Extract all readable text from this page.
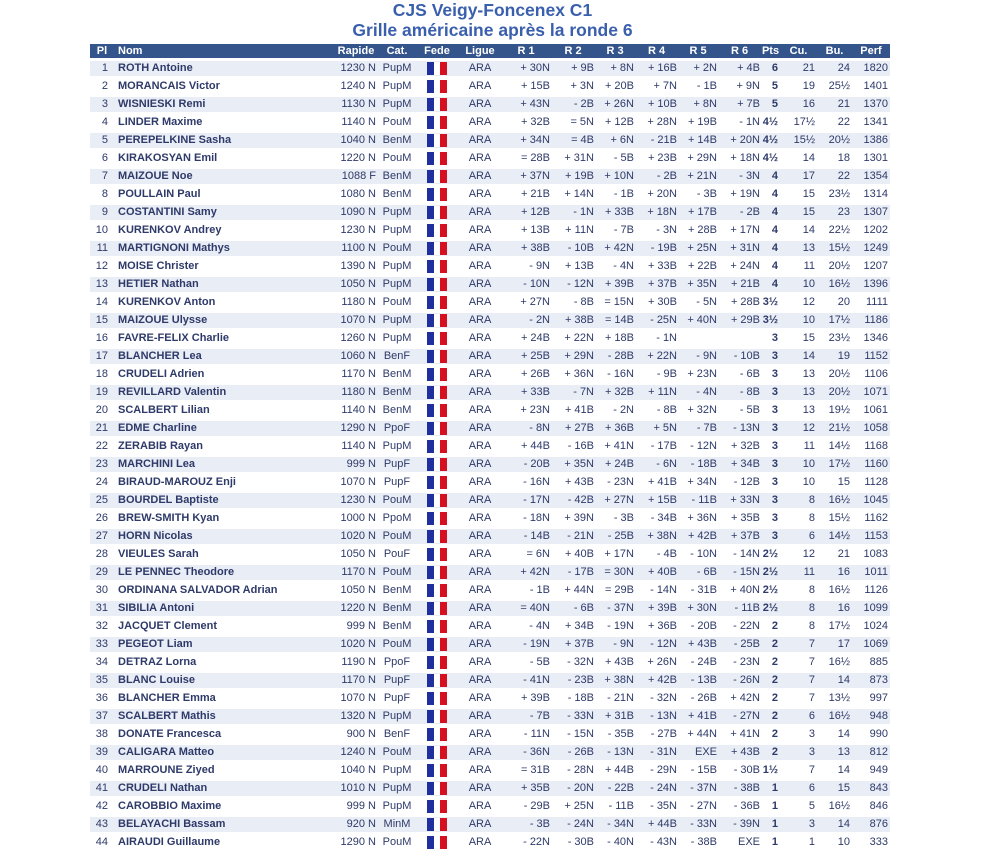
CJS Veigy-Foncenex C1
Grille américaine après la ronde 6
Pl	Nom	Rapide	Cat.	Fede	Ligue	R 1	R 2	R 3	R 4	R 5	R 6	Pts	Cu.	Bu.	Perf
1	ROTH Antoine	1230 N	PupM		ARA	+ 30N	+ 9B	+ 8N	+ 16B	+ 2N	+ 4B	6	21	24	1820
2	MORANCAIS Victor	1240 N	PupM		ARA	+ 15B	+ 3N	+ 20B	+ 7N	- 1B	+ 9N	5	19	25½	1401
3	WISNIESKI Remi	1130 N	PupM		ARA	+ 43N	- 2B	+ 26N	+ 10B	+ 8N	+ 7B	5	16	21	1370
4	LINDER Maxime	1140 N	PouM		ARA	+ 32B	= 5N	+ 12B	+ 28N	+ 19B	- 1N	4½	17½	22	1341
5	PEREPELKINE Sasha	1040 N	BenM		ARA	+ 34N	= 4B	+ 6N	- 21B	+ 14B	+ 20N	4½	15½	20½	1386
6	KIRAKOSYAN Emil	1220 N	PouM		ARA	= 28B	+ 31N	- 5B	+ 23B	+ 29N	+ 18N	4½	14	18	1301
7	MAIZOUE Noe	1088 F	BenM		ARA	+ 37N	+ 19B	+ 10N	- 2B	+ 21N	- 3N	4	17	22	1354
8	POULLAIN Paul	1080 N	BenM		ARA	+ 21B	+ 14N	- 1B	+ 20N	- 3B	+ 19N	4	15	23½	1314
9	COSTANTINI Samy	1090 N	PupM		ARA	+ 12B	- 1N	+ 33B	+ 18N	+ 17B	- 2B	4	15	23	1307
10	KURENKOV Andrey	1230 N	PupM		ARA	+ 13B	+ 11N	- 7B	- 3N	+ 28B	+ 17N	4	14	22½	1202
11	MARTIGNONI Mathys	1100 N	PouM		ARA	+ 38B	- 10B	+ 42N	- 19B	+ 25N	+ 31N	4	13	15½	1249
12	MOISE Christer	1390 N	PupM		ARA	- 9N	+ 13B	- 4N	+ 33B	+ 22B	+ 24N	4	11	20½	1207
13	HETIER Nathan	1050 N	PupM		ARA	- 10N	- 12N	+ 39B	+ 37B	+ 35N	+ 21B	4	10	16½	1396
14	KURENKOV Anton	1180 N	PouM		ARA	+ 27N	- 8B	= 15N	+ 30B	- 5N	+ 28B	3½	12	20	1111
15	MAIZOUE Ulysse	1070 N	PupM		ARA	- 2N	+ 38B	= 14B	- 25N	+ 40N	+ 29B	3½	10	17½	1186
16	FAVRE-FELIX Charlie	1260 N	PupM		ARA	+ 24B	+ 22N	+ 18B	- 1N			3	15	23½	1346
17	BLANCHER Lea	1060 N	BenF		ARA	+ 25B	+ 29N	- 28B	+ 22N	- 9N	- 10B	3	14	19	1152
18	CRUDELI Adrien	1170 N	BenM		ARA	+ 26B	+ 36N	- 16N	- 9B	+ 23N	- 6B	3	13	20½	1106
19	REVILLARD Valentin	1180 N	BenM		ARA	+ 33B	- 7N	+ 32B	+ 11N	- 4N	- 8B	3	13	20½	1071
20	SCALBERT Lilian	1140 N	BenM		ARA	+ 23N	+ 41B	- 2N	- 8B	+ 32N	- 5B	3	13	19½	1061
21	EDME Charline	1290 N	PpoF		ARA	- 8N	+ 27B	+ 36B	+ 5N	- 7B	- 13N	3	12	21½	1058
22	ZERABIB Rayan	1140 N	PupM		ARA	+ 44B	- 16B	+ 41N	- 17B	- 12N	+ 32B	3	11	14½	1168
23	MARCHINI Lea	999 N	PupF		ARA	- 20B	+ 35N	+ 24B	- 6N	- 18B	+ 34B	3	10	17½	1160
24	BIRAUD-MAROUZ Enji	1070 N	PupF		ARA	- 16N	+ 43B	- 23N	+ 41B	+ 34N	- 12B	3	10	15	1128
25	BOURDEL Baptiste	1230 N	PouM		ARA	- 17N	- 42B	+ 27N	+ 15B	- 11B	+ 33N	3	8	16½	1045
26	BREW-SMITH Kyan	1000 N	PpoM		ARA	- 18N	+ 39N	- 3B	- 34B	+ 36N	+ 35B	3	8	15½	1162
27	HORN Nicolas	1020 N	PouM		ARA	- 14B	- 21N	- 25B	+ 38N	+ 42B	+ 37B	3	6	14½	1153
28	VIEULES Sarah	1050 N	PouF		ARA	= 6N	+ 40B	+ 17N	- 4B	- 10N	- 14N	2½	12	21	1083
29	LE PENNEC Theodore	1170 N	PouM		ARA	+ 42N	- 17B	= 30N	+ 40B	- 6B	- 15N	2½	11	16	1011
30	ORDINANA SALVADOR Adrian	1050 N	BenM		ARA	- 1B	+ 44N	= 29B	- 14N	- 31B	+ 40N	2½	8	16½	1126
31	SIBILIA Antoni	1220 N	BenM		ARA	= 40N	- 6B	- 37N	+ 39B	+ 30N	- 11B	2½	8	16	1099
32	JACQUET Clement	999 N	BenM		ARA	- 4N	+ 34B	- 19N	+ 36B	- 20B	- 22N	2	8	17½	1024
33	PEGEOT Liam	1020 N	PouM		ARA	- 19N	+ 37B	- 9N	- 12N	+ 43B	- 25B	2	7	17	1069
34	DETRAZ Lorna	1190 N	PpoF		ARA	- 5B	- 32N	+ 43B	+ 26N	- 24B	- 23N	2	7	16½	885
35	BLANC Louise	1170 N	PupF		ARA	- 41N	- 23B	+ 38N	+ 42B	- 13B	- 26N	2	7	14	873
36	BLANCHER Emma	1070 N	PupF		ARA	+ 39B	- 18B	- 21N	- 32N	- 26B	+ 42N	2	7	13½	997
37	SCALBERT Mathis	1320 N	PupM		ARA	- 7B	- 33N	+ 31B	- 13N	+ 41B	- 27N	2	6	16½	948
38	DONATE Francesca	900 N	BenF		ARA	- 11N	- 15N	- 35B	- 27B	+ 44N	+ 41N	2	3	14	990
39	CALIGARA Matteo	1240 N	PouM		ARA	- 36N	- 26B	- 13N	- 31N	EXE	+ 43B	2	3	13	812
40	MARROUNE Ziyed	1040 N	PupM		ARA	= 31B	- 28N	+ 44B	- 29N	- 15B	- 30B	1½	7	14	949
41	CRUDELI Nathan	1010 N	PupM		ARA	+ 35B	- 20N	- 22B	- 24N	- 37N	- 38B	1	6	15	843
42	CAROBBIO Maxime	999 N	PupM		ARA	- 29B	+ 25N	- 11B	- 35N	- 27N	- 36B	1	5	16½	846
43	BELAYACHI Bassam	920 N	MinM		ARA	- 3B	- 24N	- 34N	+ 44B	- 33N	- 39N	1	3	14	876
44	AIRAUDI Guillaume	1290 N	PouM		ARA	- 22N	- 30B	- 40N	- 43N	- 38B	EXE	1	1	10	333
